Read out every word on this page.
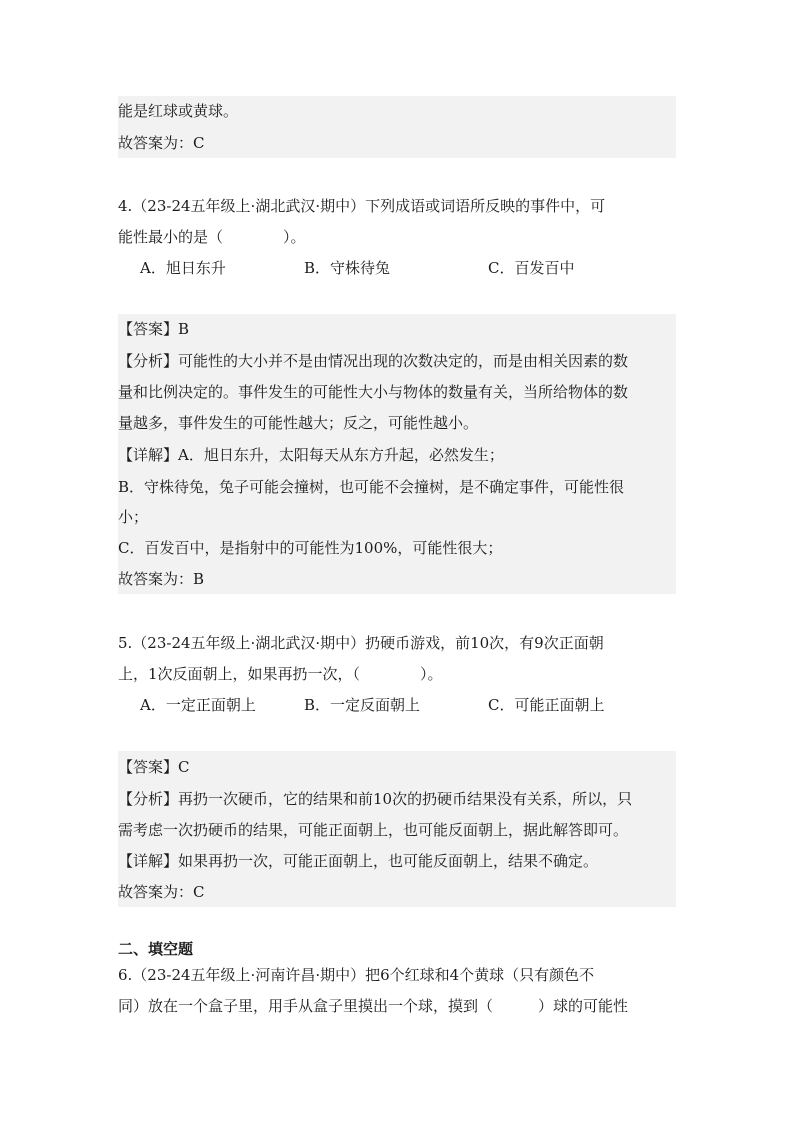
能是红球或黄球。
故答案为：C
4.（23-24五年级上·湖北武汉·期中）下列成语或词语所反映的事件中，可
能性最小的是（　　　　）。
A．旭日东升	B．守株待兔	C．百发百中
【答案】B
【分析】可能性的大小并不是由情况出现的次数决定的，而是由相关因素的数
量和比例决定的。事件发生的可能性大小与物体的数量有关，当所给物体的数
量越多，事件发生的可能性越大；反之，可能性越小。
【详解】A．旭日东升，太阳每天从东方升起，必然发生；
B．守株待兔，兔子可能会撞树，也可能不会撞树，是不确定事件，可能性很
小；
C．百发百中，是指射中的可能性为100%，可能性很大；
故答案为：B
5.（23-24五年级上·湖北武汉·期中）扔硬币游戏，前10次，有9次正面朝
上，1次反面朝上，如果再扔一次，（　　　　）。
A．一定正面朝上	B．一定反面朝上	C．可能正面朝上
【答案】C
【分析】再扔一次硬币，它的结果和前10次的扔硬币结果没有关系，所以，只
需考虑一次扔硬币的结果，可能正面朝上，也可能反面朝上，据此解答即可。
【详解】如果再扔一次，可能正面朝上，也可能反面朝上，结果不确定。
故答案为：C
二、填空题
6.（23-24五年级上·河南许昌·期中）把6个红球和4个黄球（只有颜色不
同）放在一个盒子里，用手从盒子里摸出一个球，摸到（　　　）球的可能性
